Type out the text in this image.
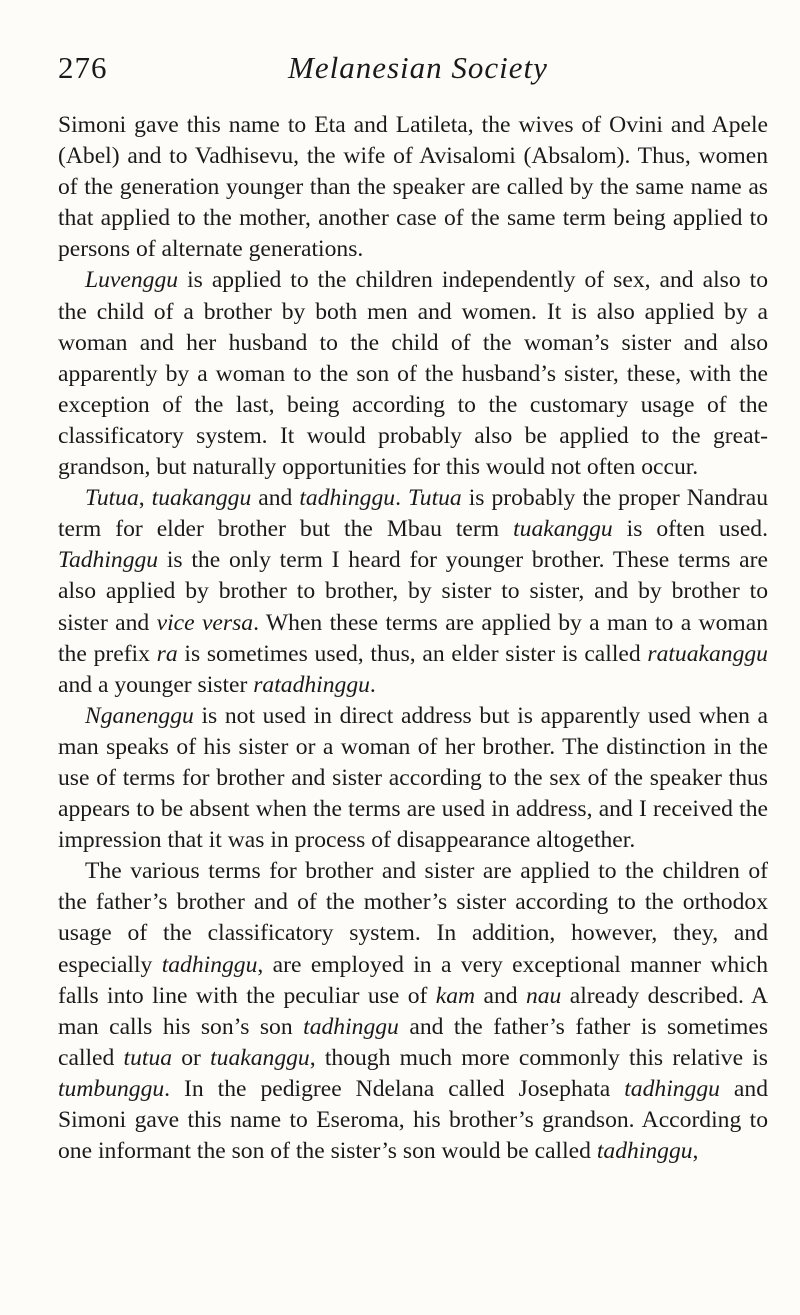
276	Melanesian Society

Simoni gave this name to Eta and Latileta, the wives of Ovini and Apele (Abel) and to Vadhisevu, the wife of Avisalomi (Absalom). Thus, women of the generation younger than the speaker are called by the same name as that applied to the mother, another case of the same term being applied to persons of alternate generations.

Luvenggu is applied to the children independently of sex, and also to the child of a brother by both men and women. It is also applied by a woman and her husband to the child of the woman’s sister and also apparently by a woman to the son of the husband’s sister, these, with the exception of the last, being according to the customary usage of the classificatory system. It would probably also be applied to the great-grandson, but naturally opportunities for this would not often occur.

Tutua, tuakanggu and tadhinggu. Tutua is probably the proper Nandrau term for elder brother but the Mbau term tuakanggu is often used. Tadhinggu is the only term I heard for younger brother. These terms are also applied by brother to brother, by sister to sister, and by brother to sister and vice versa. When these terms are applied by a man to a woman the prefix ra is sometimes used, thus, an elder sister is called ratuakanggu and a younger sister ratadhinggu.

Nganenggu is not used in direct address but is apparently used when a man speaks of his sister or a woman of her brother. The distinction in the use of terms for brother and sister according to the sex of the speaker thus appears to be absent when the terms are used in address, and I received the impression that it was in process of disappearance altogether.

The various terms for brother and sister are applied to the children of the father’s brother and of the mother’s sister according to the orthodox usage of the classificatory system. In addition, however, they, and especially tadhinggu, are employed in a very exceptional manner which falls into line with the peculiar use of kam and nau already described. A man calls his son’s son tadhinggu and the father’s father is sometimes called tutua or tuakanggu, though much more commonly this relative is tumbunggu. In the pedigree Ndelana called Josephata tadhinggu and Simoni gave this name to Eseroma, his brother’s grandson. According to one informant the son of the sister’s son would be called tadhinggu,
